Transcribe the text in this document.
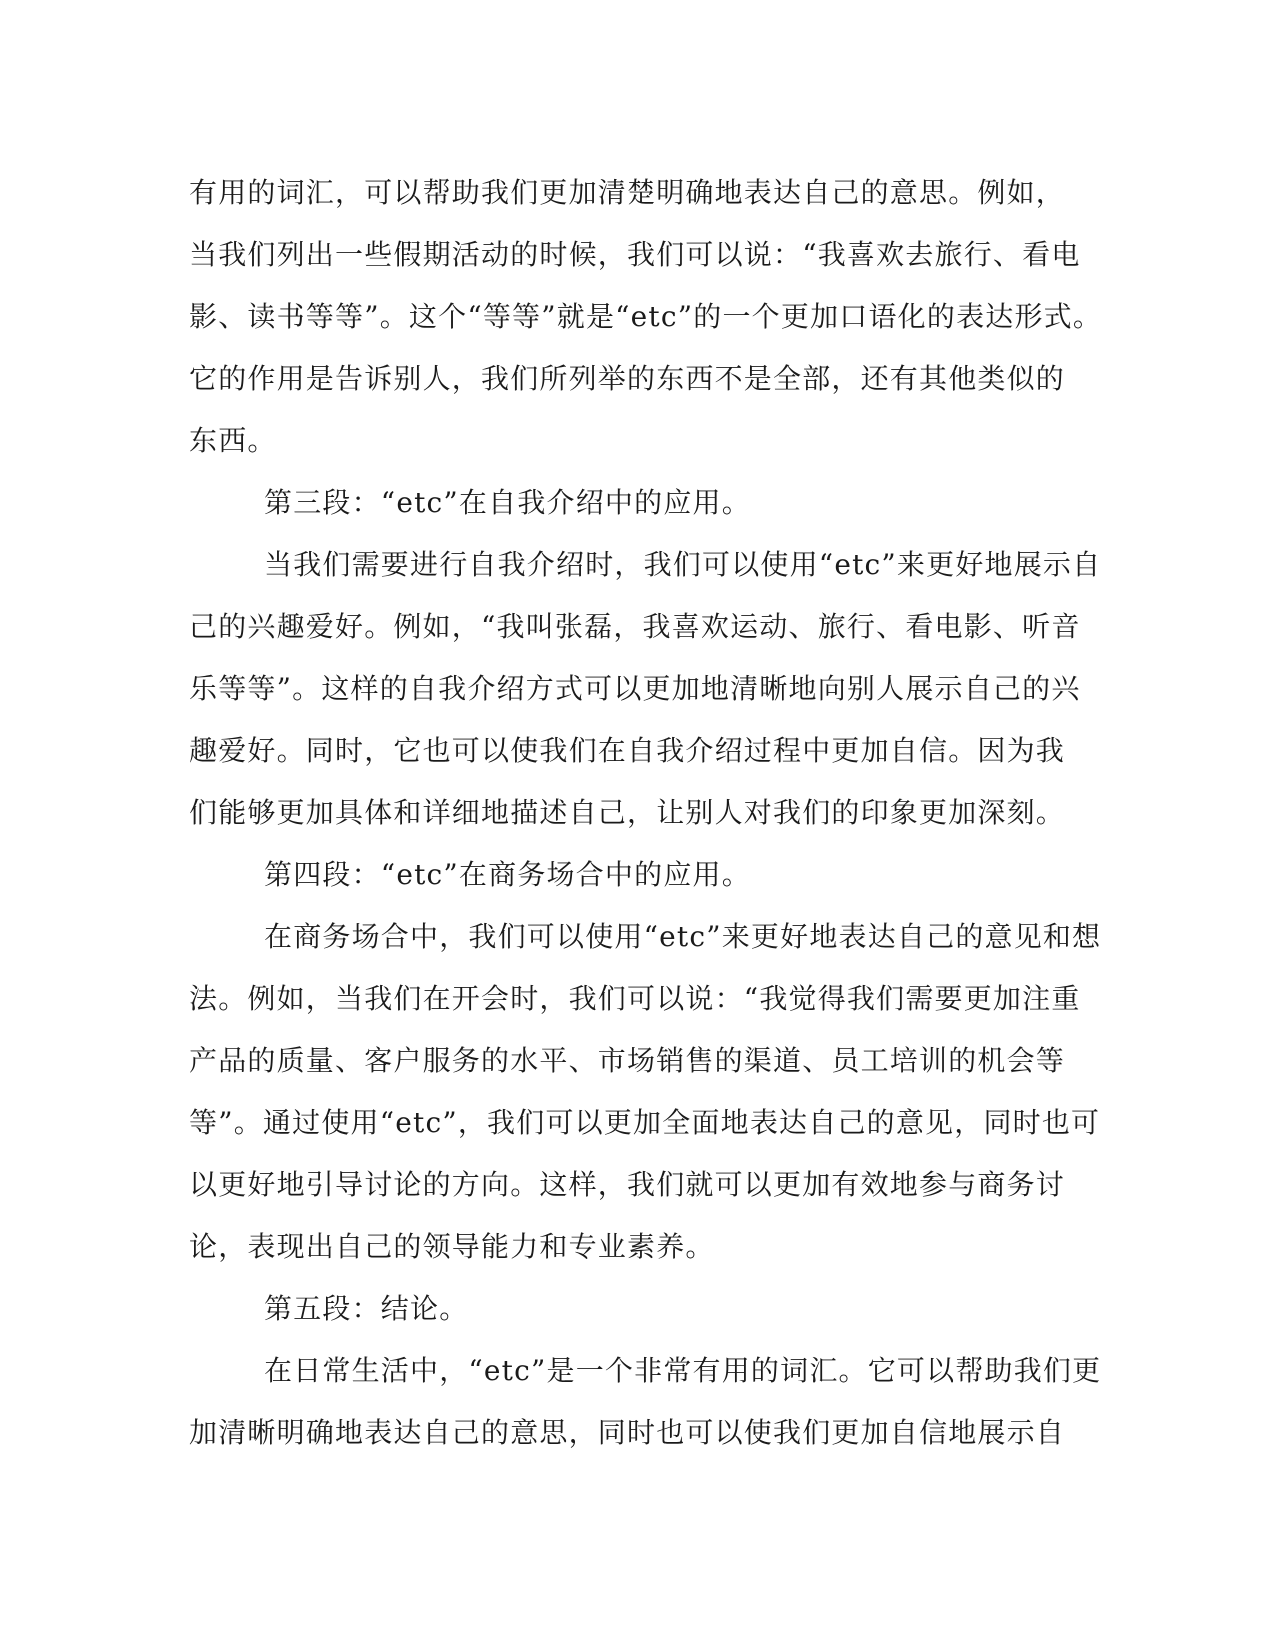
有用的词汇，可以帮助我们更加清楚明确地表达自己的意思。例如，
当我们列出一些假期活动的时候，我们可以说：“我喜欢去旅行、看电
影、读书等等”。这个“等等”就是“etc”的一个更加口语化的表达形式。
它的作用是告诉别人，我们所列举的东西不是全部，还有其他类似的
东西。
第三段：“etc”在自我介绍中的应用。
当我们需要进行自我介绍时，我们可以使用“etc”来更好地展示自
己的兴趣爱好。例如，“我叫张磊，我喜欢运动、旅行、看电影、听音
乐等等”。这样的自我介绍方式可以更加地清晰地向别人展示自己的兴
趣爱好。同时，它也可以使我们在自我介绍过程中更加自信。因为我
们能够更加具体和详细地描述自己，让别人对我们的印象更加深刻。
第四段：“etc”在商务场合中的应用。
在商务场合中，我们可以使用“etc”来更好地表达自己的意见和想
法。例如，当我们在开会时，我们可以说：“我觉得我们需要更加注重
产品的质量、客户服务的水平、市场销售的渠道、员工培训的机会等
等”。通过使用“etc”，我们可以更加全面地表达自己的意见，同时也可
以更好地引导讨论的方向。这样，我们就可以更加有效地参与商务讨
论，表现出自己的领导能力和专业素养。
第五段：结论。
在日常生活中，“etc”是一个非常有用的词汇。它可以帮助我们更
加清晰明确地表达自己的意思，同时也可以使我们更加自信地展示自
